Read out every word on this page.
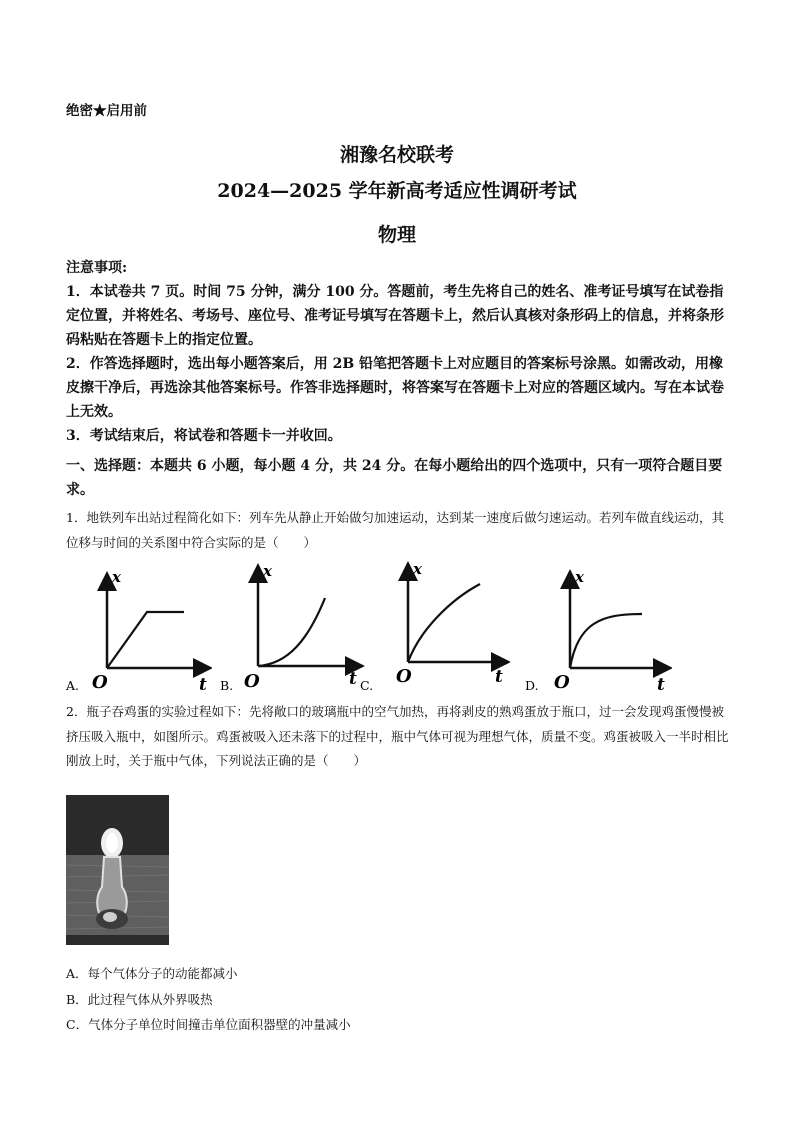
绝密★启用前
湘豫名校联考
2024—2025 学年新高考适应性调研考试
物理
注意事项:
1．本试卷共 7 页。时间 75 分钟，满分 100 分。答题前，考生先将自己的姓名、准考证号填写在试卷指定位置，并将姓名、考场号、座位号、准考证号填写在答题卡上，然后认真核对条形码上的信息，并将条形码粘贴在答题卡上的指定位置。
2．作答选择题时，选出每小题答案后，用 2B 铅笔把答题卡上对应题目的答案标号涂黑。如需改动，用橡皮擦干净后，再选涂其他答案标号。作答非选择题时，将答案写在答题卡上对应的答题区域内。写在本试卷上无效。
3．考试结束后，将试卷和答题卡一并收回。
一、选择题：本题共 6 小题，每小题 4 分，共 24 分。在每小题给出的四个选项中，只有一项符合题目要求。
1．地铁列车出站过程简化如下：列车先从静止开始做匀加速运动，达到某一速度后做匀速运动。若列车做直线运动，其位移与时间的关系图中符合实际的是（　　）
x
t
O
A.
x
t
O
B.
x
t
O
C.
x
t
O
D.
2．瓶子吞鸡蛋的实验过程如下：先将敞口的玻璃瓶中的空气加热，再将剥皮的熟鸡蛋放于瓶口，过一会发现鸡蛋慢慢被挤压吸入瓶中，如图所示。鸡蛋被吸入还未落下的过程中，瓶中气体可视为理想气体，质量不变。鸡蛋被吸入一半时相比刚放上时，关于瓶中气体，下列说法正确的是（　　）
A．每个气体分子的动能都减小
B．此过程气体从外界吸热
C．气体分子单位时间撞击单位面积器壁的冲量减小
